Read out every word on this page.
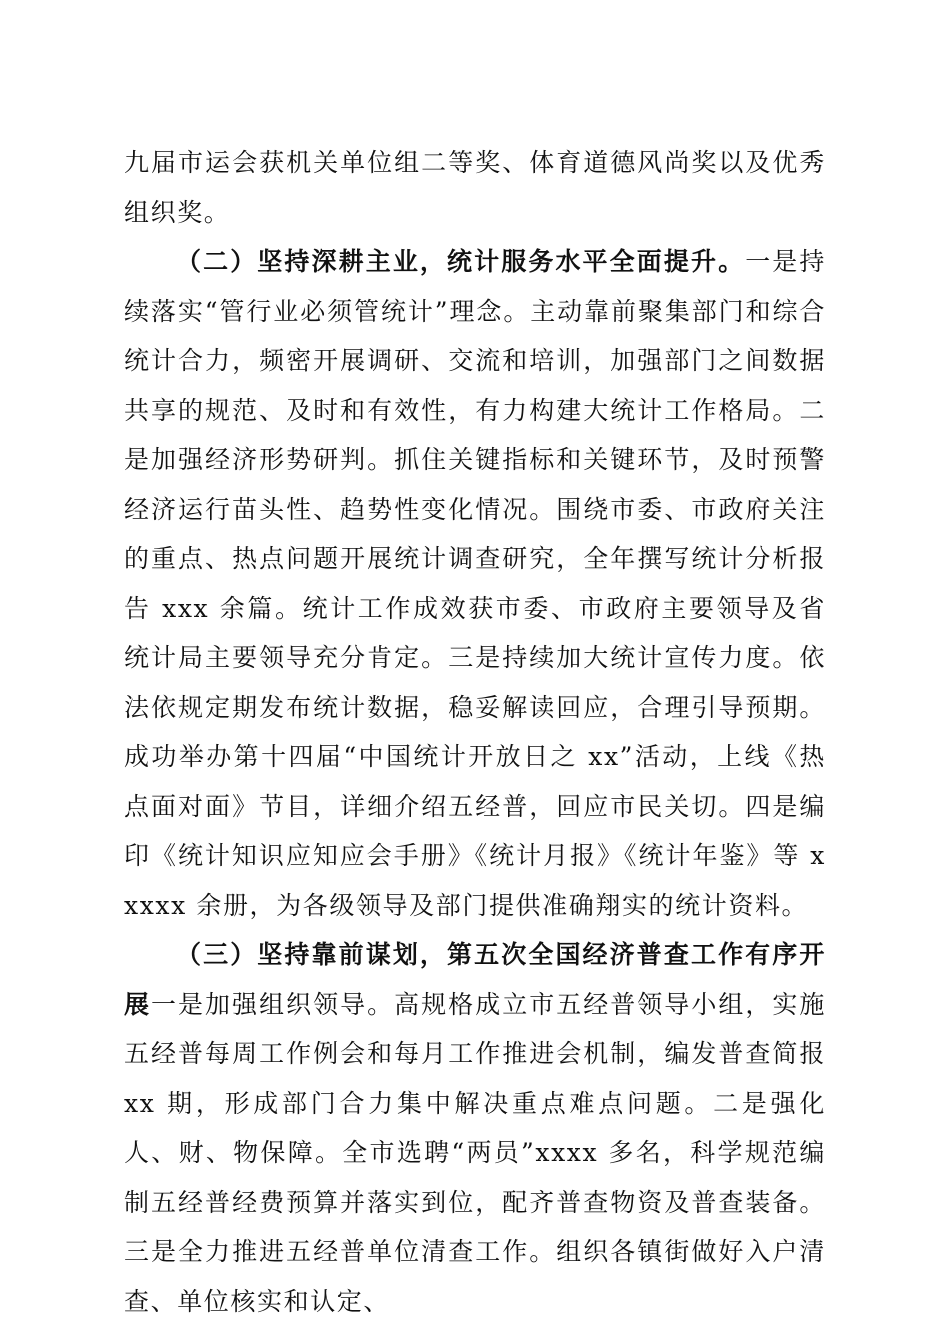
九届市运会获机关单位组二等奖、体育道德风尚奖以及优秀组织奖。

（二）坚持深耕主业，统计服务水平全面提升。一是持续落实“管行业必须管统计”理念。主动靠前聚集部门和综合统计合力，频密开展调研、交流和培训，加强部门之间数据共享的规范、及时和有效性，有力构建大统计工作格局。二是加强经济形势研判。抓住关键指标和关键环节，及时预警经济运行苗头性、趋势性变化情况。围绕市委、市政府关注的重点、热点问题开展统计调查研究，全年撰写统计分析报告 xxx 余篇。统计工作成效获市委、市政府主要领导及省统计局主要领导充分肯定。三是持续加大统计宣传力度。依法依规定期发布统计数据，稳妥解读回应，合理引导预期。成功举办第十四届“中国统计开放日之 xx”活动，上线《热点面对面》节目，详细介绍五经普，回应市民关切。四是编印《统计知识应知应会手册》《统计月报》《统计年鉴》等 xxxxx 余册，为各级领导及部门提供准确翔实的统计资料。

（三）坚持靠前谋划，第五次全国经济普查工作有序开展一是加强组织领导。高规格成立市五经普领导小组，实施五经普每周工作例会和每月工作推进会机制，编发普查简报 xx 期，形成部门合力集中解决重点难点问题。二是强化人、财、物保障。全市选聘“两员”xxxx 多名，科学规范编制五经普经费预算并落实到位，配齐普查物资及普查装备。三是全力推进五经普单位清查工作。组织各镇街做好入户清查、单位核实和认定、
